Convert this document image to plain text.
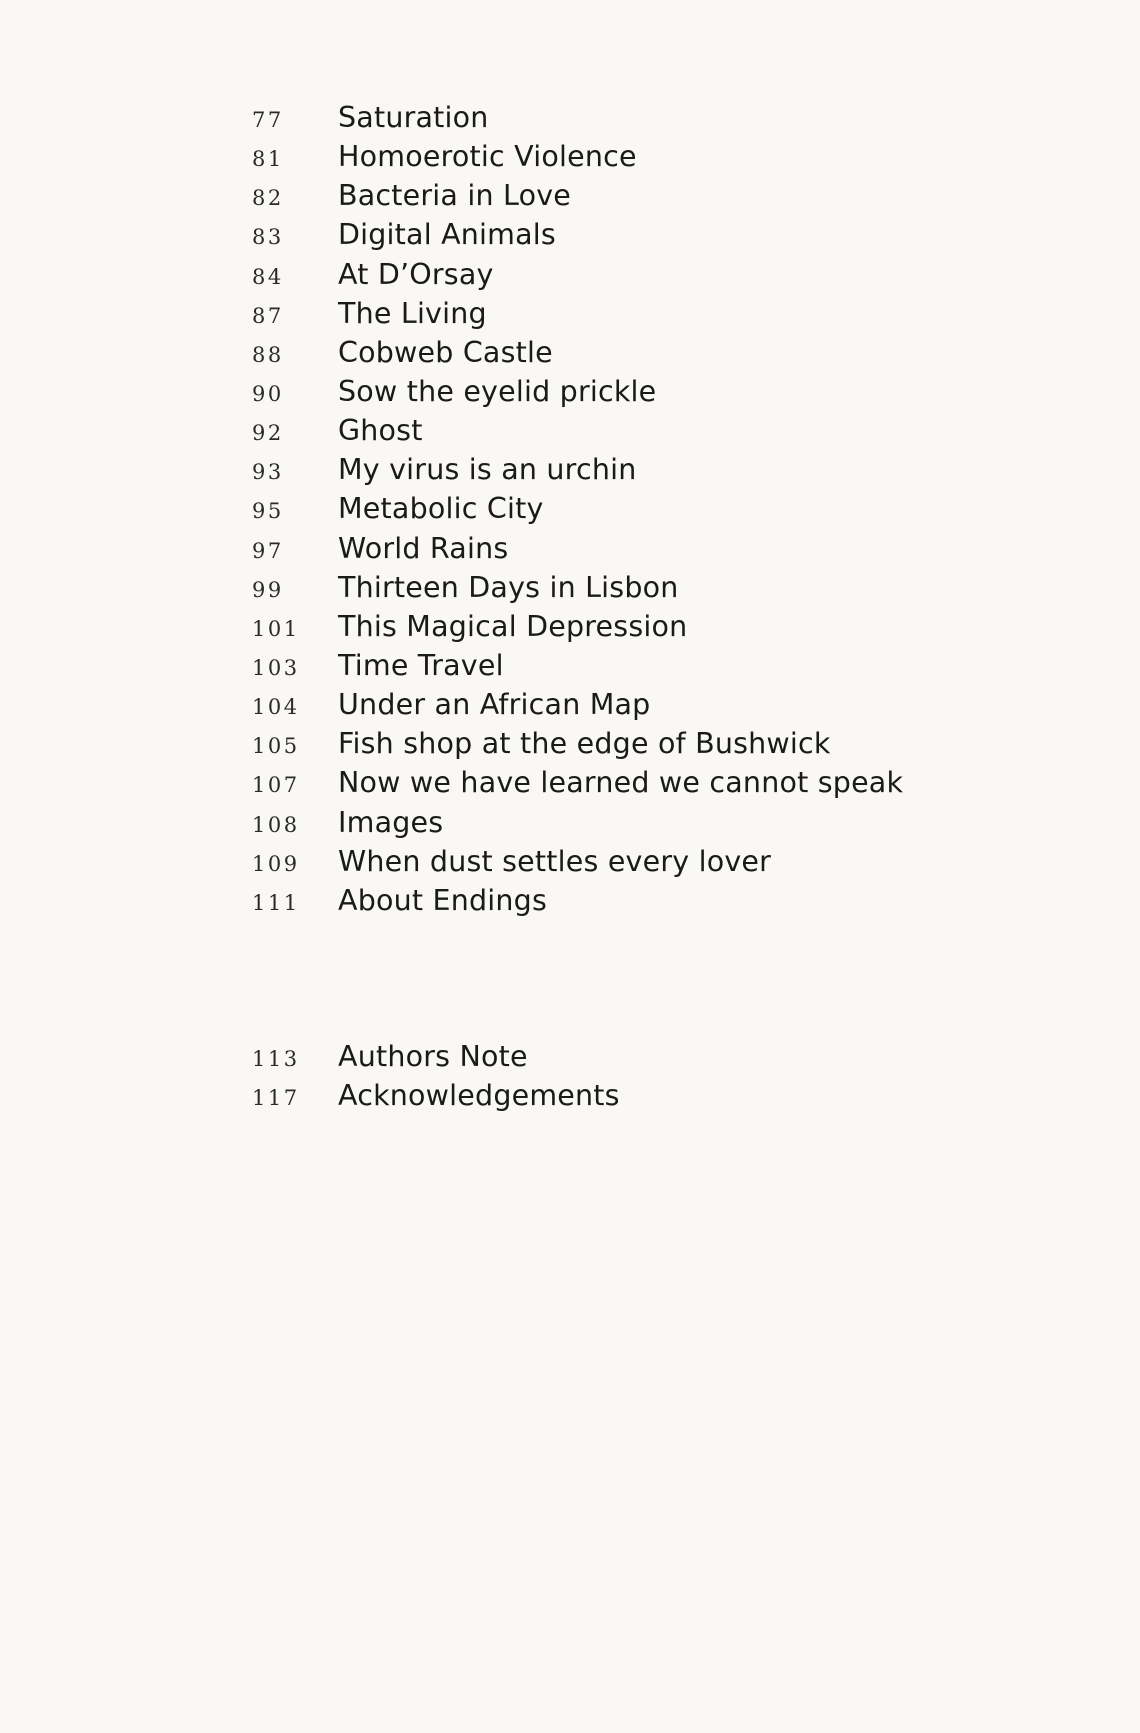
77	Saturation
81	Homoerotic Violence
82	Bacteria in Love
83	Digital Animals
84	At D’Orsay
87	The Living
88	Cobweb Castle
90	Sow the eyelid prickle
92	Ghost
93	My virus is an urchin
95	Metabolic City
97	World Rains
99	Thirteen Days in Lisbon
101	This Magical Depression
103	Time Travel
104	Under an African Map
105	Fish shop at the edge of Bushwick
107	Now we have learned we cannot speak
108	Images
109	When dust settles every lover
111	About Endings
113	Authors Note
117	Acknowledgements
